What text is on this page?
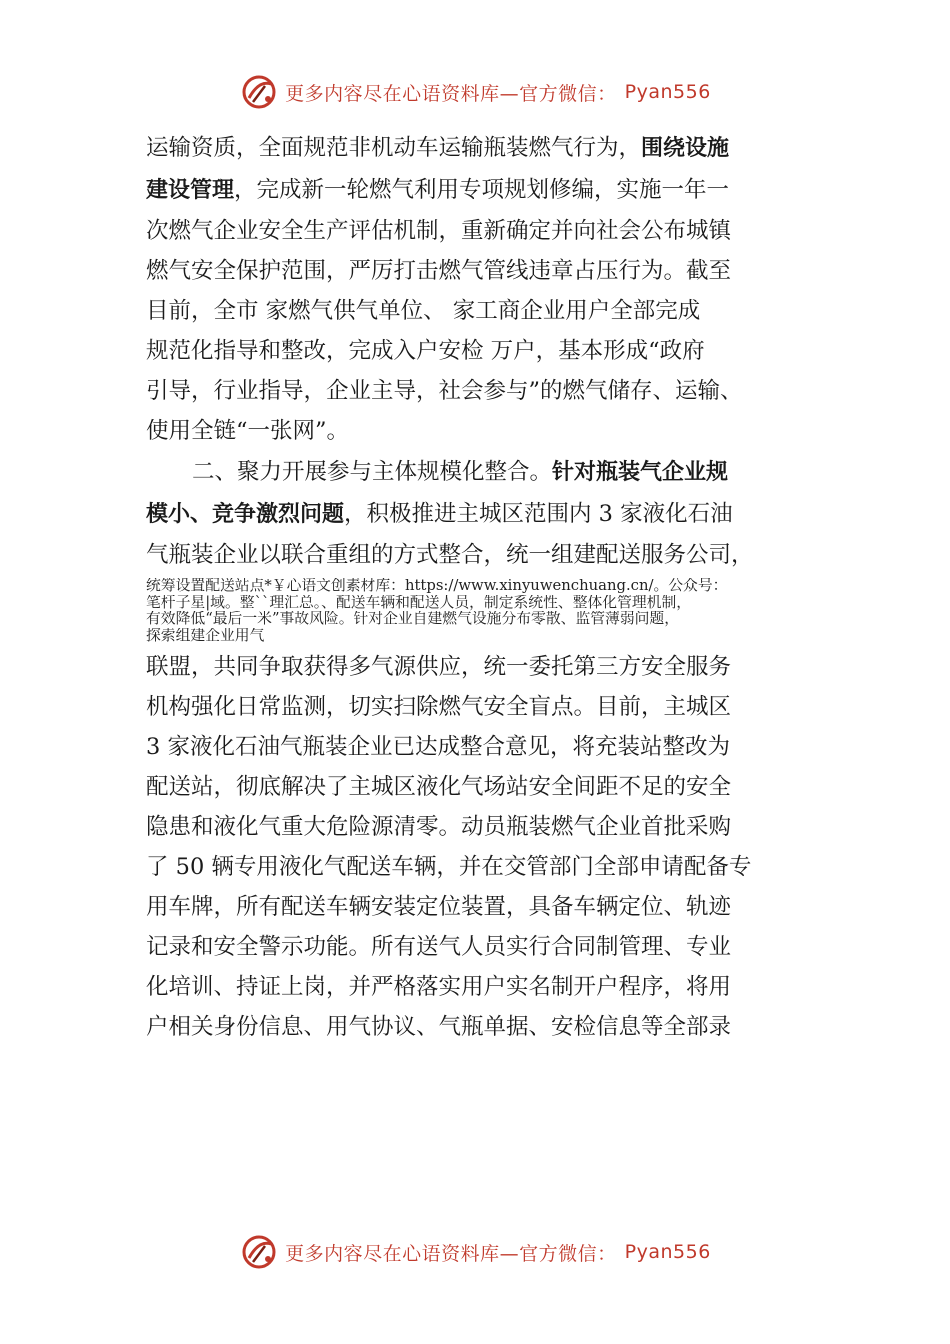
更多内容尽在心语资料库—官方微信： Pyan556
运输资质，全面规范非机动车运输瓶装燃气行为，围绕设施
建设管理，完成新一轮燃气利用专项规划修编，实施一年一
次燃气企业安全生产评估机制，重新确定并向社会公布城镇
燃气安全保护范围，严厉打击燃气管线违章占压行为。截至
目前，全市 家燃气供气单位、 家工商企业用户全部完成
规范化指导和整改，完成入户安检 万户，基本形成“政府
引导，行业指导，企业主导，社会参与”的燃气储存、运输、
使用全链“一张网”。
二、聚力开展参与主体规模化整合。针对瓶装气企业规
模小、竞争激烈问题，积极推进主城区范围内 3 家液化石油
气瓶装企业以联合重组的方式整合，统一组建配送服务公司，
统筹设置配送站点*￥心语文创素材库：https://www.xinyuwenchuang.cn/。公众号：
笔杆子星|域。整``理汇总。、配送车辆和配送人员，制定系统性、整体化管理机制，
有效降低“最后一米”事故风险。针对企业自建燃气设施分布零散、监管薄弱问题，
探索组建企业用气
联盟，共同争取获得多气源供应，统一委托第三方安全服务
机构强化日常监测，切实扫除燃气安全盲点。目前，主城区
3 家液化石油气瓶装企业已达成整合意见，将充装站整改为
配送站，彻底解决了主城区液化气场站安全间距不足的安全
隐患和液化气重大危险源清零。动员瓶装燃气企业首批采购
了 50 辆专用液化气配送车辆，并在交管部门全部申请配备专
用车牌，所有配送车辆安装定位装置，具备车辆定位、轨迹
记录和安全警示功能。所有送气人员实行合同制管理、专业
化培训、持证上岗，并严格落实用户实名制开户程序，将用
户相关身份信息、用气协议、气瓶单据、安检信息等全部录
更多内容尽在心语资料库—官方微信： Pyan556
